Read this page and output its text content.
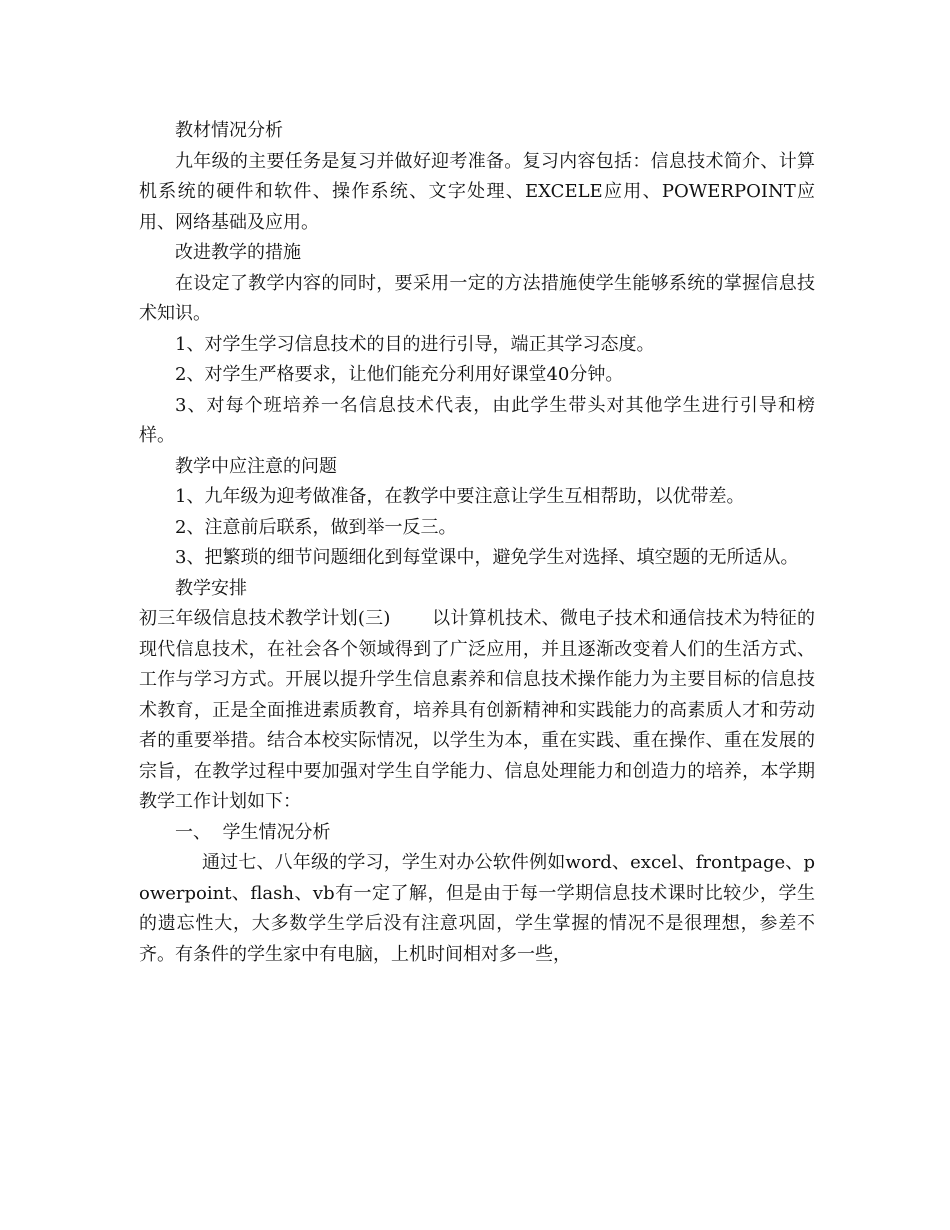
教材情况分析

九年级的主要任务是复习并做好迎考准备。复习内容包括：信息技术简介、计算机系统的硬件和软件、操作系统、文字处理、EXCELE应用、POWERPOINT应用、网络基础及应用。

改进教学的措施

在设定了教学内容的同时，要采用一定的方法措施使学生能够系统的掌握信息技术知识。

1、对学生学习信息技术的目的进行引导，端正其学习态度。

2、对学生严格要求，让他们能充分利用好课堂40分钟。

3、对每个班培养一名信息技术代表，由此学生带头对其他学生进行引导和榜样。

教学中应注意的问题

1、九年级为迎考做准备，在教学中要注意让学生互相帮助，以优带差。

2、注意前后联系，做到举一反三。

3、把繁琐的细节问题细化到每堂课中，避免学生对选择、填空题的无所适从。

教学安排

初三年级信息技术教学计划(三) 以计算机技术、微电子技术和通信技术为特征的现代信息技术，在社会各个领域得到了广泛应用，并且逐渐改变着人们的生活方式、工作与学习方式。开展以提升学生信息素养和信息技术操作能力为主要目标的信息技术教育，正是全面推进素质教育，培养具有创新精神和实践能力的高素质人才和劳动者的重要举措。结合本校实际情况，以学生为本，重在实践、重在操作、重在发展的宗旨，在教学过程中要加强对学生自学能力、信息处理能力和创造力的培养，本学期教学工作计划如下：

一、 学生情况分析

通过七、八年级的学习，学生对办公软件例如word、excel、frontpage、powerpoint、flash、vb有一定了解，但是由于每一学期信息技术课时比较少，学生的遗忘性大，大多数学生学后没有注意巩固，学生掌握的情况不是很理想，参差不齐。有条件的学生家中有电脑，上机时间相对多一些，
